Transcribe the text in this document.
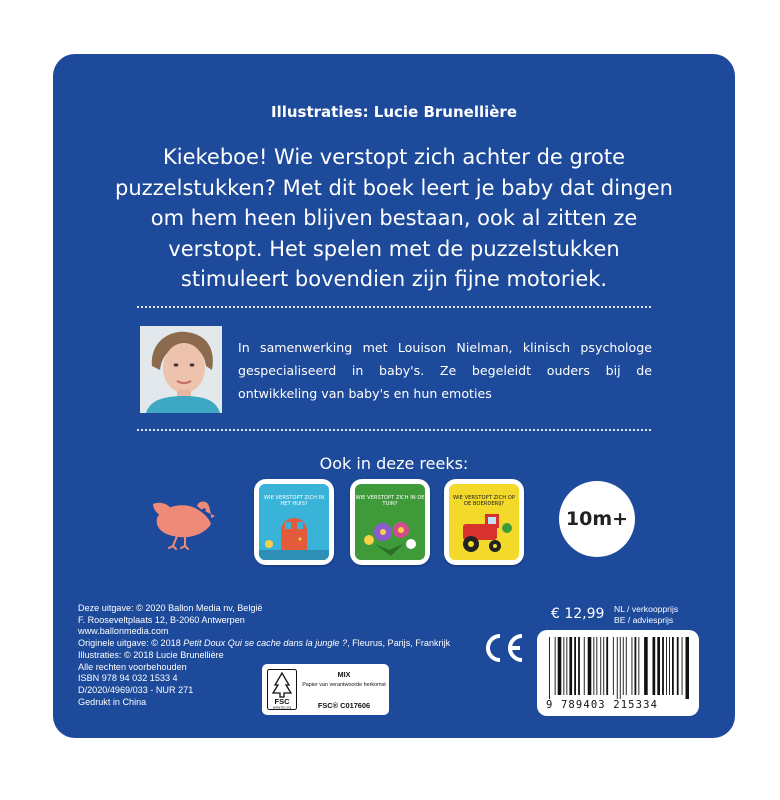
Illustraties: Lucie Brunellière
Kiekeboe! Wie verstopt zich achter de grote puzzelstukken? Met dit boek leert je baby dat dingen om hem heen blijven bestaan, ook al zitten ze verstopt. Het spelen met de puzzelstukken stimuleert bovendien zijn fijne motoriek.
In samenwerking met Louison Nielman, klinisch psychologe gespecialiseerd in baby's. Ze begeleidt ouders bij de ontwikkeling van baby's en hun emoties
Ook in deze reeks:
WIE VERSTOPT ZICH IN HET HUIS?
WIE VERSTOPT ZICH IN DE TUIN?
WIE VERSTOPT ZICH OP DE BOERDERIJ?
10m+
Deze uitgave: © 2020 Ballon Media nv, België
F. Rooseveltplaats 12, B-2060 Antwerpen
www.ballonmedia.com
Originele uitgave: © 2018 Petit Doux Qui se cache dans la jungle ?, Fleurus, Parijs, Frankrijk
Illustraties: © 2018 Lucie Brunellière
Alle rechten voorbehouden
ISBN 978 94 032 1533 4
D/2020/4969/033 - NUR 271
Gedrukt in China
€ 12,99 NL / verkoopprijs
BE / adviesprijs
FSC
www.fsc.org
MIX
Papier van verantwoorde herkomst
FSC® C017606	9 789403 215334
